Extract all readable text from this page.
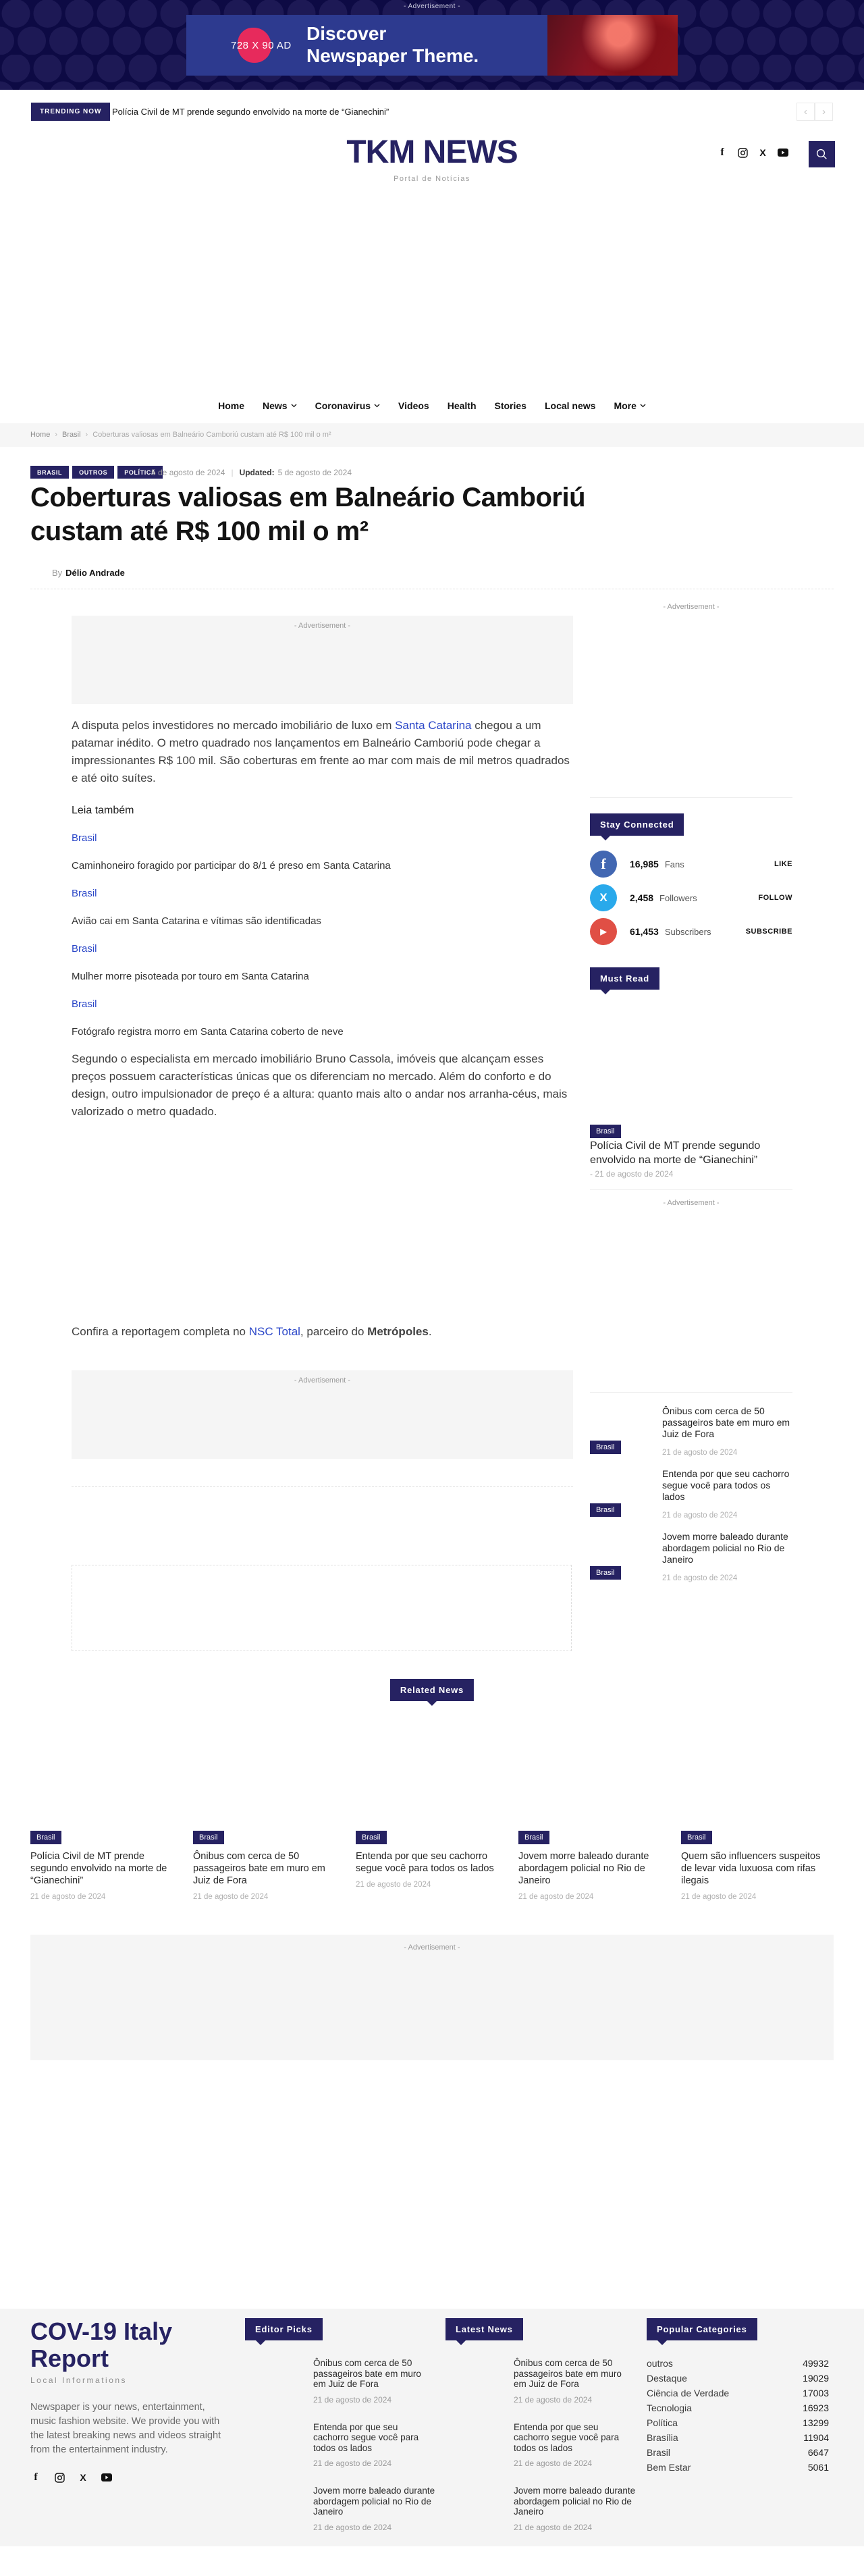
- Advertisement -
728 X 90 AD
Discover
Newspaper Theme.
TRENDING NOW	Polícia Civil de MT prende segundo envolvido na morte de “Gianechini”	‹	›
TKM NEWS
Portal de Notícias
f	X
Home News	Coronavirus	Videos Health Stories Local news More
Home › Brasil › Coberturas valiosas em Balneário Camboriú custam até R$ 100 mil o m²
BRASIL	OUTROS	POLÍTICA
5 de agosto de 2024 | Updated: 5 de agosto de 2024
Coberturas valiosas em Balneário Camboriú
custam até R$ 100 mil o m²
By Délio Andrade
- Advertisement -

A disputa pelos investidores no mercado imobiliário de luxo em Santa Catarina chegou a um patamar inédito. O metro quadrado nos lançamentos em Balneário Camboriú pode chegar a impressionantes R$ 100 mil. São coberturas em frente ao mar com mais de mil metros quadrados e até oito suítes.

Leia também

Brasil

Caminhoneiro foragido por participar do 8/1 é preso em Santa Catarina

Brasil

Avião cai em Santa Catarina e vítimas são identificadas

Brasil

Mulher morre pisoteada por touro em Santa Catarina

Brasil

Fotógrafo registra morro em Santa Catarina coberto de neve

Segundo o especialista em mercado imobiliário Bruno Cassola, imóveis que alcançam esses preços possuem características únicas que os diferenciam no mercado. Além do conforto e do design, outro impulsionador de preço é a altura: quanto mais alto o andar nos arranha-céus, mais valorizado o metro quadado.

Confira a reportagem completa no NSC Total, parceiro do Metrópoles.

- Advertisement -
- Advertisement -
Stay Connected
f	16,985 Fans	LIKE
X 2,458 Followers	FOLLOW
▶ 61,453 Subscribers	SUBSCRIBE
Must Read
Brasil
Polícia Civil de MT prende segundo envolvido na morte de “Gianechini”
- 21 de agosto de 2024
- Advertisement -
Brasil
Ônibus com cerca de 50 passageiros bate em muro em Juiz de Fora
21 de agosto de 2024
Brasil
Entenda por que seu cachorro segue você para todos os lados
21 de agosto de 2024
Brasil
Jovem morre baleado durante abordagem policial no Rio de Janeiro
21 de agosto de 2024
Related News
Brasil
Polícia Civil de MT prende segundo envolvido na morte de “Gianechini”
21 de agosto de 2024
Brasil
Ônibus com cerca de 50 passageiros bate em muro em Juiz de Fora
21 de agosto de 2024
Brasil
Entenda por que seu cachorro segue você para todos os lados
21 de agosto de 2024
Brasil
Jovem morre baleado durante abordagem policial no Rio de Janeiro
21 de agosto de 2024
Brasil
Quem são influencers suspeitos de levar vida luxuosa com rifas ilegais
21 de agosto de 2024
- Advertisement -
COV-19 Italy Report
Local Informations
Newspaper is your news, entertainment, music fashion website. We provide you with the latest breaking news and videos straight from the entertainment industry.
f	X
Editor Picks
Ônibus com cerca de 50 passageiros bate em muro em Juiz de Fora
21 de agosto de 2024
Entenda por que seu cachorro segue você para todos os lados
21 de agosto de 2024
Jovem morre baleado durante abordagem policial no Rio de Janeiro
21 de agosto de 2024
Latest News
Ônibus com cerca de 50 passageiros bate em muro em Juiz de Fora
21 de agosto de 2024
Entenda por que seu cachorro segue você para todos os lados
21 de agosto de 2024
Jovem morre baleado durante abordagem policial no Rio de Janeiro
21 de agosto de 2024
Popular Categories
outros	49932
Destaque	19029
Ciência de Verdade	17003
Tecnologia	16923
Política	13299
Brasília	11904
Brasil	6647
Bem Estar	5061
